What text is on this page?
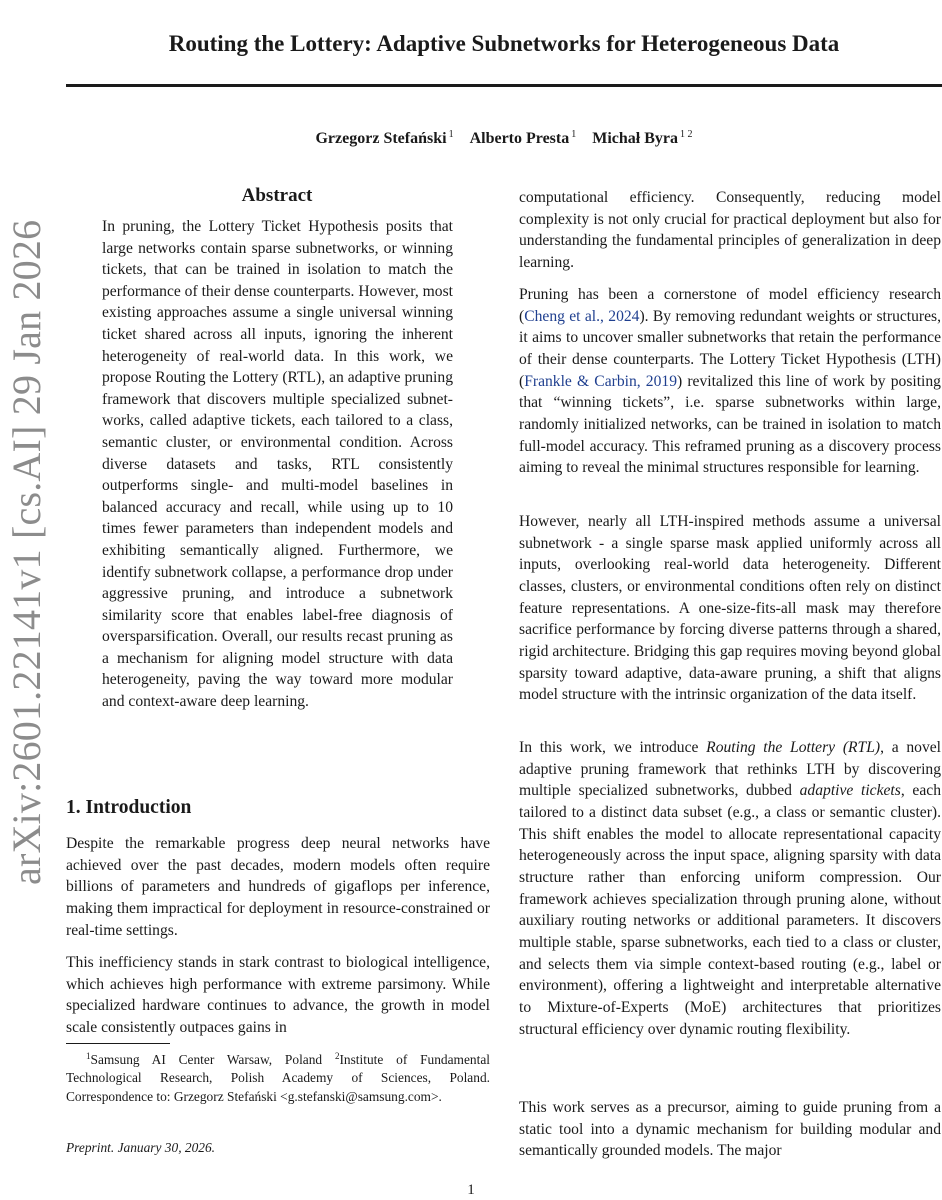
arXiv:2601.22141v1 [cs.AI] 29 Jan 2026
Routing the Lottery: Adaptive Subnetworks for Heterogeneous Data
Grzegorz Stefański $^1$ Alberto Presta $^1$ Michał Byra $^{1 2}$
Abstract

In pruning, the Lottery Ticket Hypothesis posits that large networks contain sparse subnetworks, or winning tickets, that can be trained in isolation to match the performance of their dense counterparts. However, most existing approaches assume a single universal winning ticket shared across all inputs, ignoring the inherent heterogeneity of real-world data. In this work, we propose Routing the Lottery (RTL), an adaptive pruning framework that discovers multiple specialized subnetworks, called adaptive tickets, each tailored to a class, semantic cluster, or environmental condition. Across diverse datasets and tasks, RTL consistently outperforms single- and multi-model baselines in balanced accuracy and recall, while using up to 10 times fewer parameters than independent models and exhibiting semantically aligned. Furthermore, we identify subnetwork collapse, a performance drop under aggressive pruning, and introduce a subnetwork similarity score that enables label-free diagnosis of oversparsification. Overall, our results recast pruning as a mechanism for aligning model structure with data heterogeneity, paving the way toward more modular and context-aware deep learning.

1. Introduction

Despite the remarkable progress deep neural networks have achieved over the past decades, modern models often require billions of parameters and hundreds of gigaflops per inference, making them impractical for deployment in resource-constrained or real-time settings.

This inefficiency stands in stark contrast to biological intelligence, which achieves high performance with extreme parsimony. While specialized hardware continues to advance, the growth in model scale consistently outpaces gains in

$^1$Samsung AI Center Warsaw, Poland $^2$Institute of Fundamental Technological Research, Polish Academy of Sciences, Poland. Correspondence to: Grzegorz Stefański <g.stefanski@samsung.com>.

Preprint. January 30, 2026.

computational efficiency. Consequently, reducing model complexity is not only crucial for practical deployment but also for understanding the fundamental principles of generalization in deep learning.

Pruning has been a cornerstone of model efficiency research (Cheng et al., 2024). By removing redundant weights or structures, it aims to uncover smaller subnetworks that retain the performance of their dense counterparts. The Lottery Ticket Hypothesis (LTH) (Frankle & Carbin, 2019) revitalized this line of work by positing that “winning tickets”, i.e. sparse subnetworks within large, randomly initialized networks, can be trained in isolation to match full-model accuracy. This reframed pruning as a discovery process aiming to reveal the minimal structures responsible for learning.

However, nearly all LTH-inspired methods assume a universal subnetwork - a single sparse mask applied uniformly across all inputs, overlooking real-world data heterogeneity. Different classes, clusters, or environmental conditions often rely on distinct feature representations. A one-size-fits-all mask may therefore sacrifice performance by forcing diverse patterns through a shared, rigid architecture. Bridging this gap requires moving beyond global sparsity toward adaptive, data-aware pruning, a shift that aligns model structure with the intrinsic organization of the data itself.

In this work, we introduce Routing the Lottery (RTL), a novel adaptive pruning framework that rethinks LTH by discovering multiple specialized subnetworks, dubbed adaptive tickets, each tailored to a distinct data subset (e.g., a class or semantic cluster). This shift enables the model to allocate representational capacity heterogeneously across the input space, aligning sparsity with data structure rather than enforcing uniform compression. Our framework achieves specialization through pruning alone, without auxiliary routing networks or additional parameters. It discovers multiple stable, sparse subnetworks, each tied to a class or cluster, and selects them via simple context-based routing (e.g., label or environment), offering a lightweight and interpretable alternative to Mixture-of-Experts (MoE) architectures that prioritizes structural efficiency over dynamic routing flexibility.

This work serves as a precursor, aiming to guide pruning from a static tool into a dynamic mechanism for building modular and semantically grounded models. The major

1
